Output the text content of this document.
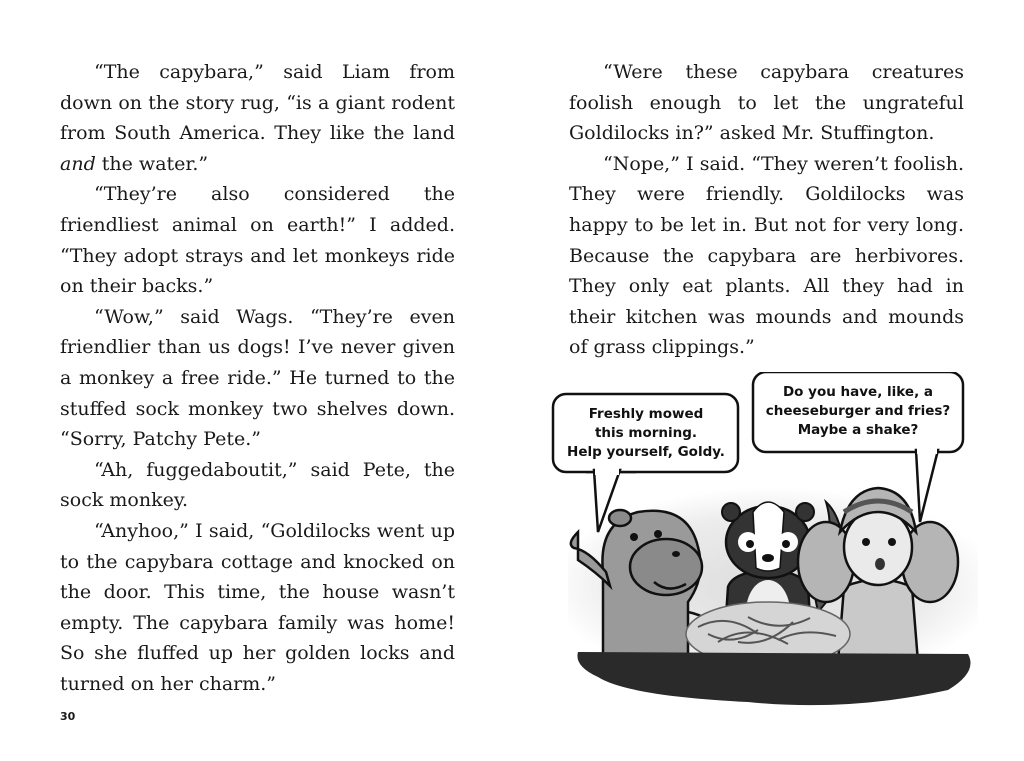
“The capybara,” said Liam from down on the story rug, “is a giant rodent from South America. They like the land and the water.”

“They’re also considered the friendliest animal on earth!” I added. “They adopt strays and let monkeys ride on their backs.”

“Wow,” said Wags. “They’re even friendlier than us dogs! I’ve never given a monkey a free ride.” He turned to the stuffed sock monkey two shelves down. “Sorry, Patchy Pete.”

“Ah, fuggedaboutit,” said Pete, the sock monkey.

“Anyhoo,” I said, “Goldilocks went up to the capybara cottage and knocked on the door. This time, the house wasn’t empty. The capybara family was home! So she fluffed up her golden locks and turned on her charm.”

“Were these capybara creatures foolish enough to let the ungrateful Goldilocks in?” asked Mr. Stuffington.

“Nope,” I said. “They weren’t foolish. They were friendly. Goldilocks was happy to be let in. But not for very long. Because the capybara are herbivores. They only eat plants. All they had in their kitchen was mounds and mounds of grass clippings.”

Freshly mowed
this morning.
Help yourself, Goldy.
Do you have, like, a
cheeseburger and fries?
Maybe a shake?
30
